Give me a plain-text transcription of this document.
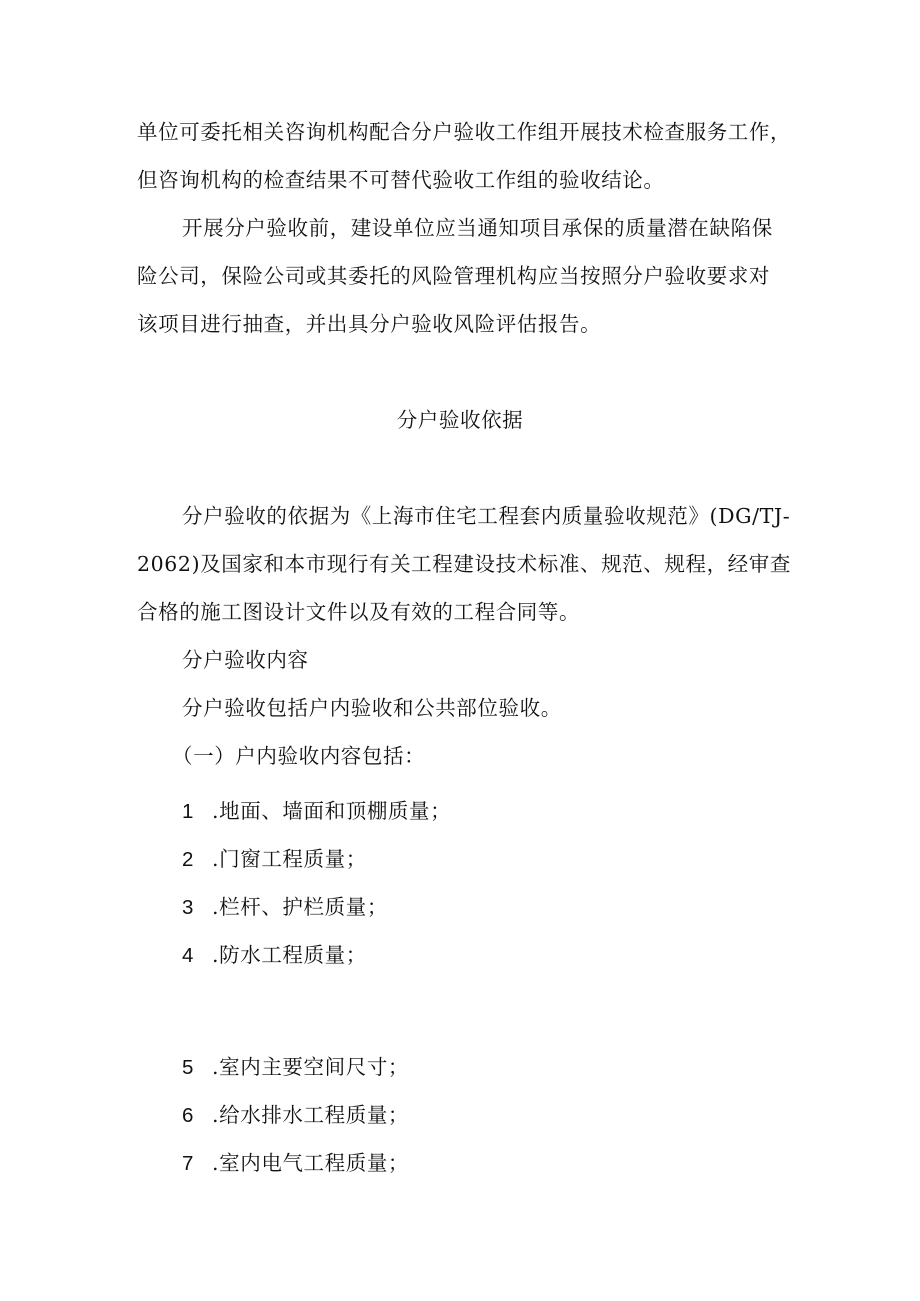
单位可委托相关咨询机构配合分户验收工作组开展技术检查服务工作，
但咨询机构的检查结果不可替代验收工作组的验收结论。
开展分户验收前，建设单位应当通知项目承保的质量潜在缺陷保
险公司，保险公司或其委托的风险管理机构应当按照分户验收要求对
该项目进行抽查，并出具分户验收风险评估报告。
分户验收依据
分户验收的依据为《上海市住宅工程套内质量验收规范》(DG/TJ-
2062)及国家和本市现行有关工程建设技术标准、规范、规程，经审查
合格的施工图设计文件以及有效的工程合同等。
分户验收内容
分户验收包括户内验收和公共部位验收。
（一）户内验收内容包括：
1 .地面、墙面和顶棚质量；
2 .门窗工程质量；
3 .栏杆、护栏质量；
4 .防水工程质量；
5 .室内主要空间尺寸；
6 .给水排水工程质量；
7 .室内电气工程质量；
